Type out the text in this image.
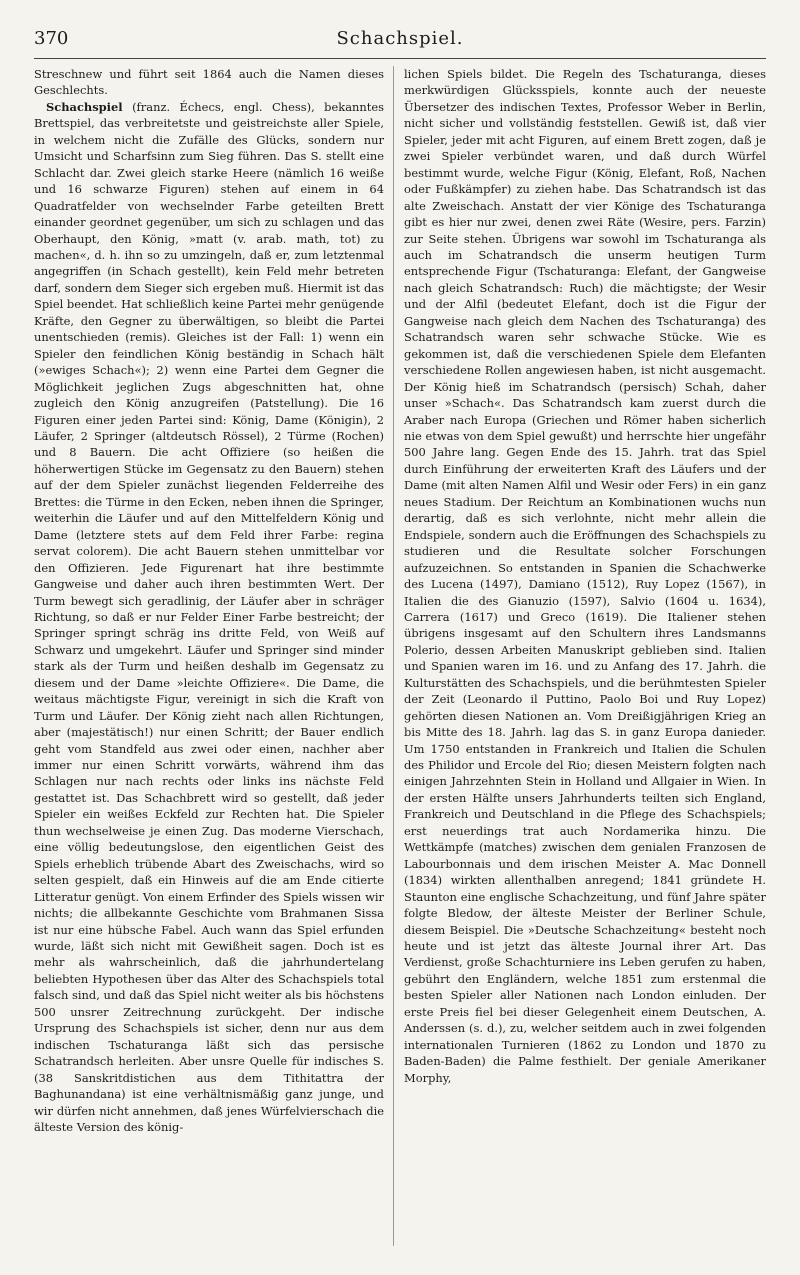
370	Schachspiel.

Streschnew und führt seit 1864 auch die Namen dieses Geschlechts.

Schachspiel (franz. Échecs, engl. Chess), bekanntes Brettspiel, das verbreitetste und geistreichste aller Spiele, in welchem nicht die Zufälle des Glücks, sondern nur Umsicht und Scharfsinn zum Sieg führen. Das S. stellt eine Schlacht dar. Zwei gleich starke Heere (nämlich 16 weiße und 16 schwarze Figuren) stehen auf einem in 64 Quadratfelder von wechselnder Farbe geteilten Brett einander geordnet gegenüber, um sich zu schlagen und das Oberhaupt, den König, »matt (v. arab. math, tot) zu machen«, d. h. ihn so zu umzingeln, daß er, zum letztenmal angegriffen (in Schach gestellt), kein Feld mehr betreten darf, sondern dem Sieger sich ergeben muß. Hiermit ist das Spiel beendet. Hat schließlich keine Partei mehr genügende Kräfte, den Gegner zu überwältigen, so bleibt die Partei unentschieden (remis). Gleiches ist der Fall: 1) wenn ein Spieler den feindlichen König beständig in Schach hält (»ewiges Schach«); 2) wenn eine Partei dem Gegner die Möglichkeit jeglichen Zugs abgeschnitten hat, ohne zugleich den König anzugreifen (Patstellung). Die 16 Figuren einer jeden Partei sind: König, Dame (Königin), 2 Läufer, 2 Springer (altdeutsch Rössel), 2 Türme (Rochen) und 8 Bauern. Die acht Offiziere (so heißen die höherwertigen Stücke im Gegensatz zu den Bauern) stehen auf der dem Spieler zunächst liegenden Felderreihe des Brettes: die Türme in den Ecken, neben ihnen die Springer, weiterhin die Läufer und auf den Mittelfeldern König und Dame (letztere stets auf dem Feld ihrer Farbe: regina servat colorem). Die acht Bauern stehen unmittelbar vor den Offizieren. Jede Figurenart hat ihre bestimmte Gangweise und daher auch ihren bestimmten Wert. Der Turm bewegt sich geradlinig, der Läufer aber in schräger Richtung, so daß er nur Felder Einer Farbe bestreicht; der Springer springt schräg ins dritte Feld, von Weiß auf Schwarz und umgekehrt. Läufer und Springer sind minder stark als der Turm und heißen deshalb im Gegensatz zu diesem und der Dame »leichte Offiziere«. Die Dame, die weitaus mächtigste Figur, vereinigt in sich die Kraft von Turm und Läufer. Der König zieht nach allen Richtungen, aber (majestätisch!) nur einen Schritt; der Bauer endlich geht vom Standfeld aus zwei oder einen, nachher aber immer nur einen Schritt vorwärts, während ihm das Schlagen nur nach rechts oder links ins nächste Feld gestattet ist. Das Schachbrett wird so gestellt, daß jeder Spieler ein weißes Eckfeld zur Rechten hat. Die Spieler thun wechselweise je einen Zug. Das moderne Vierschach, eine völlig bedeutungslose, den eigentlichen Geist des Spiels erheblich trübende Abart des Zweischachs, wird so selten gespielt, daß ein Hinweis auf die am Ende citierte Litteratur genügt. Von einem Erfinder des Spiels wissen wir nichts; die allbekannte Geschichte vom Brahmanen Sissa ist nur eine hübsche Fabel. Auch wann das Spiel erfunden wurde, läßt sich nicht mit Gewißheit sagen. Doch ist es mehr als wahrscheinlich, daß die jahrhundertelang beliebten Hypothesen über das Alter des Schachspiels total falsch sind, und daß das Spiel nicht weiter als bis höchstens 500 unsrer Zeitrechnung zurückgeht. Der indische Ursprung des Schachspiels ist sicher, denn nur aus dem indischen Tschaturanga läßt sich das persische Schatrandsch herleiten. Aber unsre Quelle für indisches S. (38 Sanskritdistichen aus dem Tithitattra der Baghunandana) ist eine verhältnismäßig ganz junge, und wir dürfen nicht annehmen, daß jenes Würfelvierschach die älteste Version des könig-

lichen Spiels bildet. Die Regeln des Tschaturanga, dieses merkwürdigen Glücksspiels, konnte auch der neueste Übersetzer des indischen Textes, Professor Weber in Berlin, nicht sicher und vollständig feststellen. Gewiß ist, daß vier Spieler, jeder mit acht Figuren, auf einem Brett zogen, daß je zwei Spieler verbündet waren, und daß durch Würfel bestimmt wurde, welche Figur (König, Elefant, Roß, Nachen oder Fußkämpfer) zu ziehen habe. Das Schatrandsch ist das alte Zweischach. Anstatt der vier Könige des Tschaturanga gibt es hier nur zwei, denen zwei Räte (Wesire, pers. Farzin) zur Seite stehen. Übrigens war sowohl im Tschaturanga als auch im Schatrandsch die unserm heutigen Turm entsprechende Figur (Tschaturanga: Elefant, der Gangweise nach gleich Schatrandsch: Ruch) die mächtigste; der Wesir und der Alfil (bedeutet Elefant, doch ist die Figur der Gangweise nach gleich dem Nachen des Tschaturanga) des Schatrandsch waren sehr schwache Stücke. Wie es gekommen ist, daß die verschiedenen Spiele dem Elefanten verschiedene Rollen angewiesen haben, ist nicht ausgemacht. Der König hieß im Schatrandsch (persisch) Schah, daher unser »Schach«. Das Schatrandsch kam zuerst durch die Araber nach Europa (Griechen und Römer haben sicherlich nie etwas von dem Spiel gewußt) und herrschte hier ungefähr 500 Jahre lang. Gegen Ende des 15. Jahrh. trat das Spiel durch Einführung der erweiterten Kraft des Läufers und der Dame (mit alten Namen Alfil und Wesir oder Fers) in ein ganz neues Stadium. Der Reichtum an Kombinationen wuchs nun derartig, daß es sich verlohnte, nicht mehr allein die Endspiele, sondern auch die Eröffnungen des Schachspiels zu studieren und die Resultate solcher Forschungen aufzuzeichnen. So entstanden in Spanien die Schachwerke des Lucena (1497), Damiano (1512), Ruy Lopez (1567), in Italien die des Gianuzio (1597), Salvio (1604 u. 1634), Carrera (1617) und Greco (1619). Die Italiener stehen übrigens insgesamt auf den Schultern ihres Landsmanns Polerio, dessen Arbeiten Manuskript geblieben sind. Italien und Spanien waren im 16. und zu Anfang des 17. Jahrh. die Kulturstätten des Schachspiels, und die berühmtesten Spieler der Zeit (Leonardo il Puttino, Paolo Boi und Ruy Lopez) gehörten diesen Nationen an. Vom Dreißigjährigen Krieg an bis Mitte des 18. Jahrh. lag das S. in ganz Europa danieder. Um 1750 entstanden in Frankreich und Italien die Schulen des Philidor und Ercole del Rio; diesen Meistern folgten nach einigen Jahrzehnten Stein in Holland und Allgaier in Wien. In der ersten Hälfte unsers Jahrhunderts teilten sich England, Frankreich und Deutschland in die Pflege des Schachspiels; erst neuerdings trat auch Nordamerika hinzu. Die Wettkämpfe (matches) zwischen dem genialen Franzosen de Labourbonnais und dem irischen Meister A. Mac Donnell (1834) wirkten allenthalben anregend; 1841 gründete H. Staunton eine englische Schachzeitung, und fünf Jahre später folgte Bledow, der älteste Meister der Berliner Schule, diesem Beispiel. Die »Deutsche Schachzeitung« besteht noch heute und ist jetzt das älteste Journal ihrer Art. Das Verdienst, große Schachturniere ins Leben gerufen zu haben, gebührt den Engländern, welche 1851 zum erstenmal die besten Spieler aller Nationen nach London einluden. Der erste Preis fiel bei dieser Gelegenheit einem Deutschen, A. Anderssen (s. d.), zu, welcher seitdem auch in zwei folgenden internationalen Turnieren (1862 zu London und 1870 zu Baden-Baden) die Palme festhielt. Der geniale Amerikaner Morphy,
